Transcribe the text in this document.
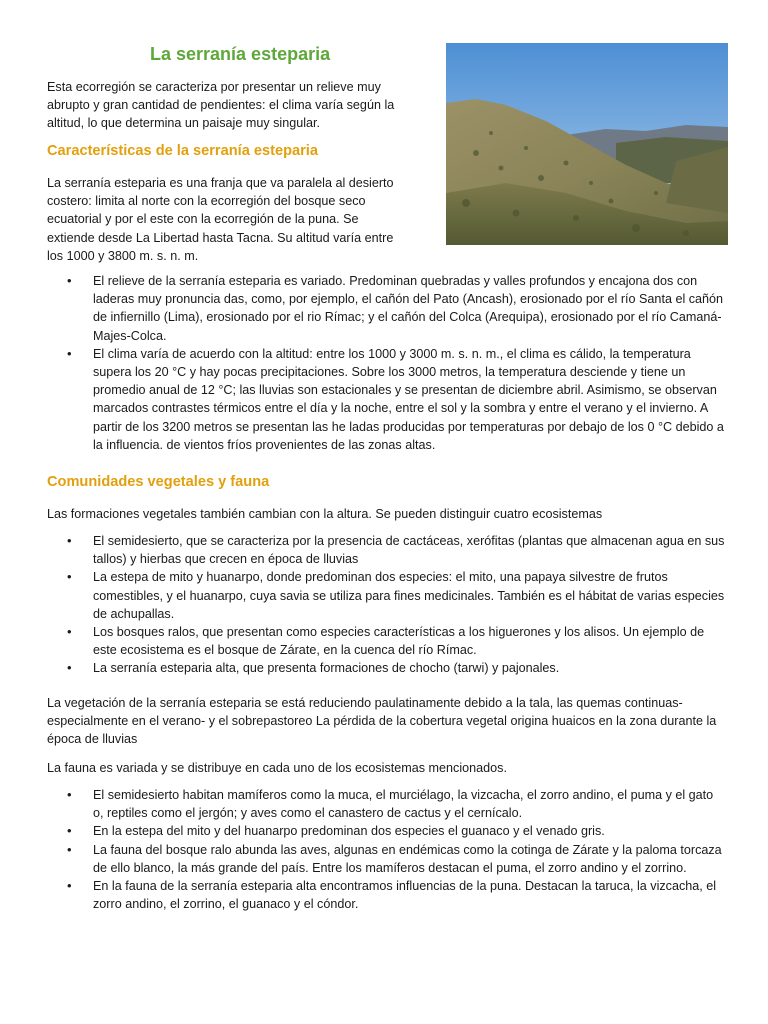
La serranía esteparia

Esta ecorregión se caracteriza por presentar un relieve muy abrupto y gran cantidad de pendientes: el clima varía según la altitud, lo que determina un paisaje muy singular.

Características de la serranía esteparia

La serranía esteparia es una franja que va paralela al desierto costero: limita al norte con la ecorregión del bosque seco ecuatorial y por el este con la ecorregión de la puna. Se extiende desde La Libertad hasta Tacna. Su altitud varía entre los 1000 y 3800 m. s. n. m.

• El relieve de la serranía esteparia es variado. Predominan quebradas y valles profundos y encajona dos con laderas muy pronuncia das, como, por ejemplo, el cañón del Pato (Ancash), erosionado por el río Santa el cañón de infiernillo (Lima), erosionado por el rio Rímac; y el cañón del Colca (Arequipa), erosionado por el río Camaná-Majes-Colca.
• El clima varía de acuerdo con la altitud: entre los 1000 y 3000 m. s. n. m., el clima es cálido, la temperatura supera los 20 °C y hay pocas precipitaciones. Sobre los 3000 metros, la temperatura desciende y tiene un promedio anual de 12 °C; las lluvias son estacionales y se presentan de diciembre abril. Asimismo, se observan marcados contrastes térmicos entre el día y la noche, entre el sol y la sombra y entre el verano y el invierno. A partir de los 3200 metros se presentan las he ladas producidas por temperaturas por debajo de los 0 °C debido a la influencia. de vientos fríos provenientes de las zonas altas.
Comunidades vegetales y fauna

Las formaciones vegetales también cambian con la altura. Se pueden distinguir cuatro ecosistemas

• El semidesierto, que se caracteriza por la presencia de cactáceas, xerófitas (plantas que almacenan agua en sus tallos) y hierbas que crecen en época de lluvias
• La estepa de mito y huanarpo, donde predominan dos especies: el mito, una papaya silvestre de frutos comestibles, y el huanarpo, cuya savia se utiliza para fines medicinales. También es el hábitat de varias especies de achupallas.
• Los bosques ralos, que presentan como especies características a los higuerones y los alisos. Un ejemplo de este ecosistema es el bosque de Zárate, en la cuenca del río Rímac.
• La serranía esteparia alta, que presenta formaciones de chocho (tarwi) y pajonales.

La vegetación de la serranía esteparia se está reduciendo paulatinamente debido a la tala, las quemas continuas- especialmente en el verano- y el sobrepastoreo La pérdida de la cobertura vegetal origina huaicos en la zona durante la época de lluvias

La fauna es variada y se distribuye en cada uno de los ecosistemas mencionados.

• El semidesierto habitan mamíferos como la muca, el murciélago, la vizcacha, el zorro andino, el puma y el gato o, reptiles como el jergón; y aves como el canastero de cactus y el cernícalo.
• En la estepa del mito y del huanarpo predominan dos especies el guanaco y el venado gris.
• La fauna del bosque ralo abunda las aves, algunas en endémicas como la cotinga de Zárate y la paloma torcaza de ello blanco, la más grande del país. Entre los mamíferos destacan el puma, el zorro andino y el zorrino.
• En la fauna de la serranía esteparia alta encontramos influencias de la puna. Destacan la taruca, la vizcacha, el zorro andino, el zorrino, el guanaco y el cóndor.
